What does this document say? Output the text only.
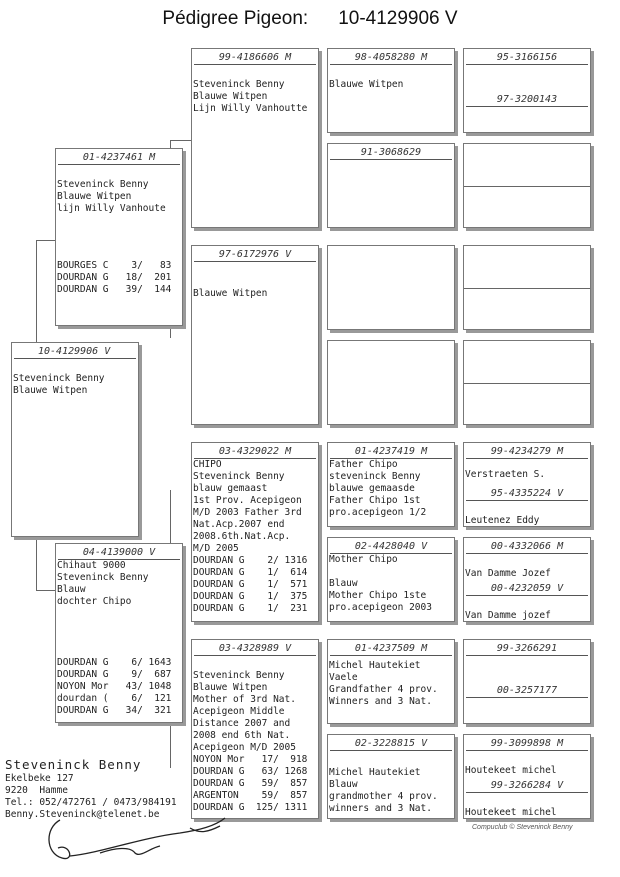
Pédigree Pigeon: 10-4129906 V
10-4129906 V
Steveninck Benny
Blauwe Witpen
01-4237461 M
Steveninck Benny
Blauwe Witpen
lijn Willy Vanhoute
BOURGES C    3/   83
DOURDAN G   18/  201
DOURDAN G   39/  144
04-4139000 V
Chihaut 9000
Steveninck Benny
Blauw
dochter Chipo
DOURDAN G    6/ 1643
DOURDAN G    9/  687
NOYON Mor   43/ 1048
dourdan (    6/  121
DOURDAN G   34/  321
99-4186606 M
Steveninck Benny
Blauwe Witpen
Lijn Willy Vanhoutte
97-6172976 V
Blauwe Witpen
03-4329022 M
CHIPO
Steveninck Benny
blauw gemaast
1st Prov. Acepigeon
M/D 2003 Father 3rd
Nat.Acp.2007 end
2008.6th.Nat.Acp.
M/D 2005
DOURDAN G    2/ 1316
DOURDAN G    1/  614
DOURDAN G    1/  571
DOURDAN G    1/  375
DOURDAN G    1/  231
03-4328989 V
Steveninck Benny
Blauwe Witpen
Mother of 3rd Nat.
Acepigeon Middle
Distance 2007 and
2008 end 6th Nat.
Acepigeon M/D 2005
NOYON Mor   17/  918
DOURDAN G   63/ 1268
DOURDAN G   59/  857
ARGENTON    59/  857
DOURDAN G  125/ 1311
98-4058280 M
Blauwe Witpen
91-3068629
01-4237419 M
Father Chipo
steveninck Benny
blauwe gemaasde
Father Chipo 1st
pro.acepigeon 1/2
02-4428040 V
Mother Chipo
Blauw
Mother Chipo 1ste
pro.acepigeon 2003
01-4237509 M
Michel Hautekiet
Vaele
Grandfather 4 prov.
Winners and 3 Nat.
02-3228815 V
Michel Hautekiet
Blauw
grandmother 4 prov.
winners and 3 Nat.
95-3166156
97-3200143
99-4234279 M
Verstraeten S.
95-4335224 V
Leutenez Eddy
00-4332066 M
Van Damme Jozef
00-4232059 V
Van Damme jozef
99-3266291
00-3257177
99-3099898 M
Houtekeet michel
99-3266284 V
Houtekeet michel
Steveninck Benny
Ekelbeke 127
9220  Hamme
Tel.: 052/472761 / 0473/984191
Benny.Steveninck@telenet.be
Compuclub © Steveninck Benny
